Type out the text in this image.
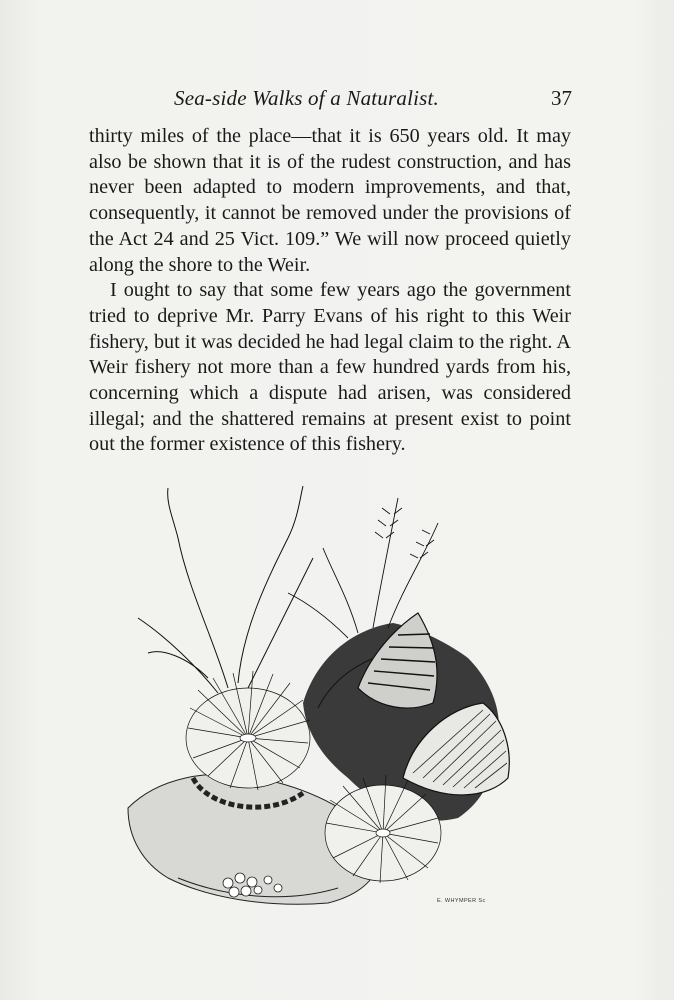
Sea-side Walks of a Naturalist.	37

thirty miles of the place—that it is 650 years old. It may also be shown that it is of the rudest construction, and has never been adapted to modern improvements, and that, consequently, it cannot be removed under the provisions of the Act 24 and 25 Vict. 109.” We will now proceed quietly along the shore to the Weir.

I ought to say that some few years ago the government tried to deprive Mr. Parry Evans of his right to this Weir fishery, but it was decided he had legal claim to the right. A Weir fishery not more than a few hundred yards from his, concerning which a dispute had arisen, was considered illegal; and the shattered remains at present exist to point out the former existence of this fishery.

E. WHYMPER Sc
